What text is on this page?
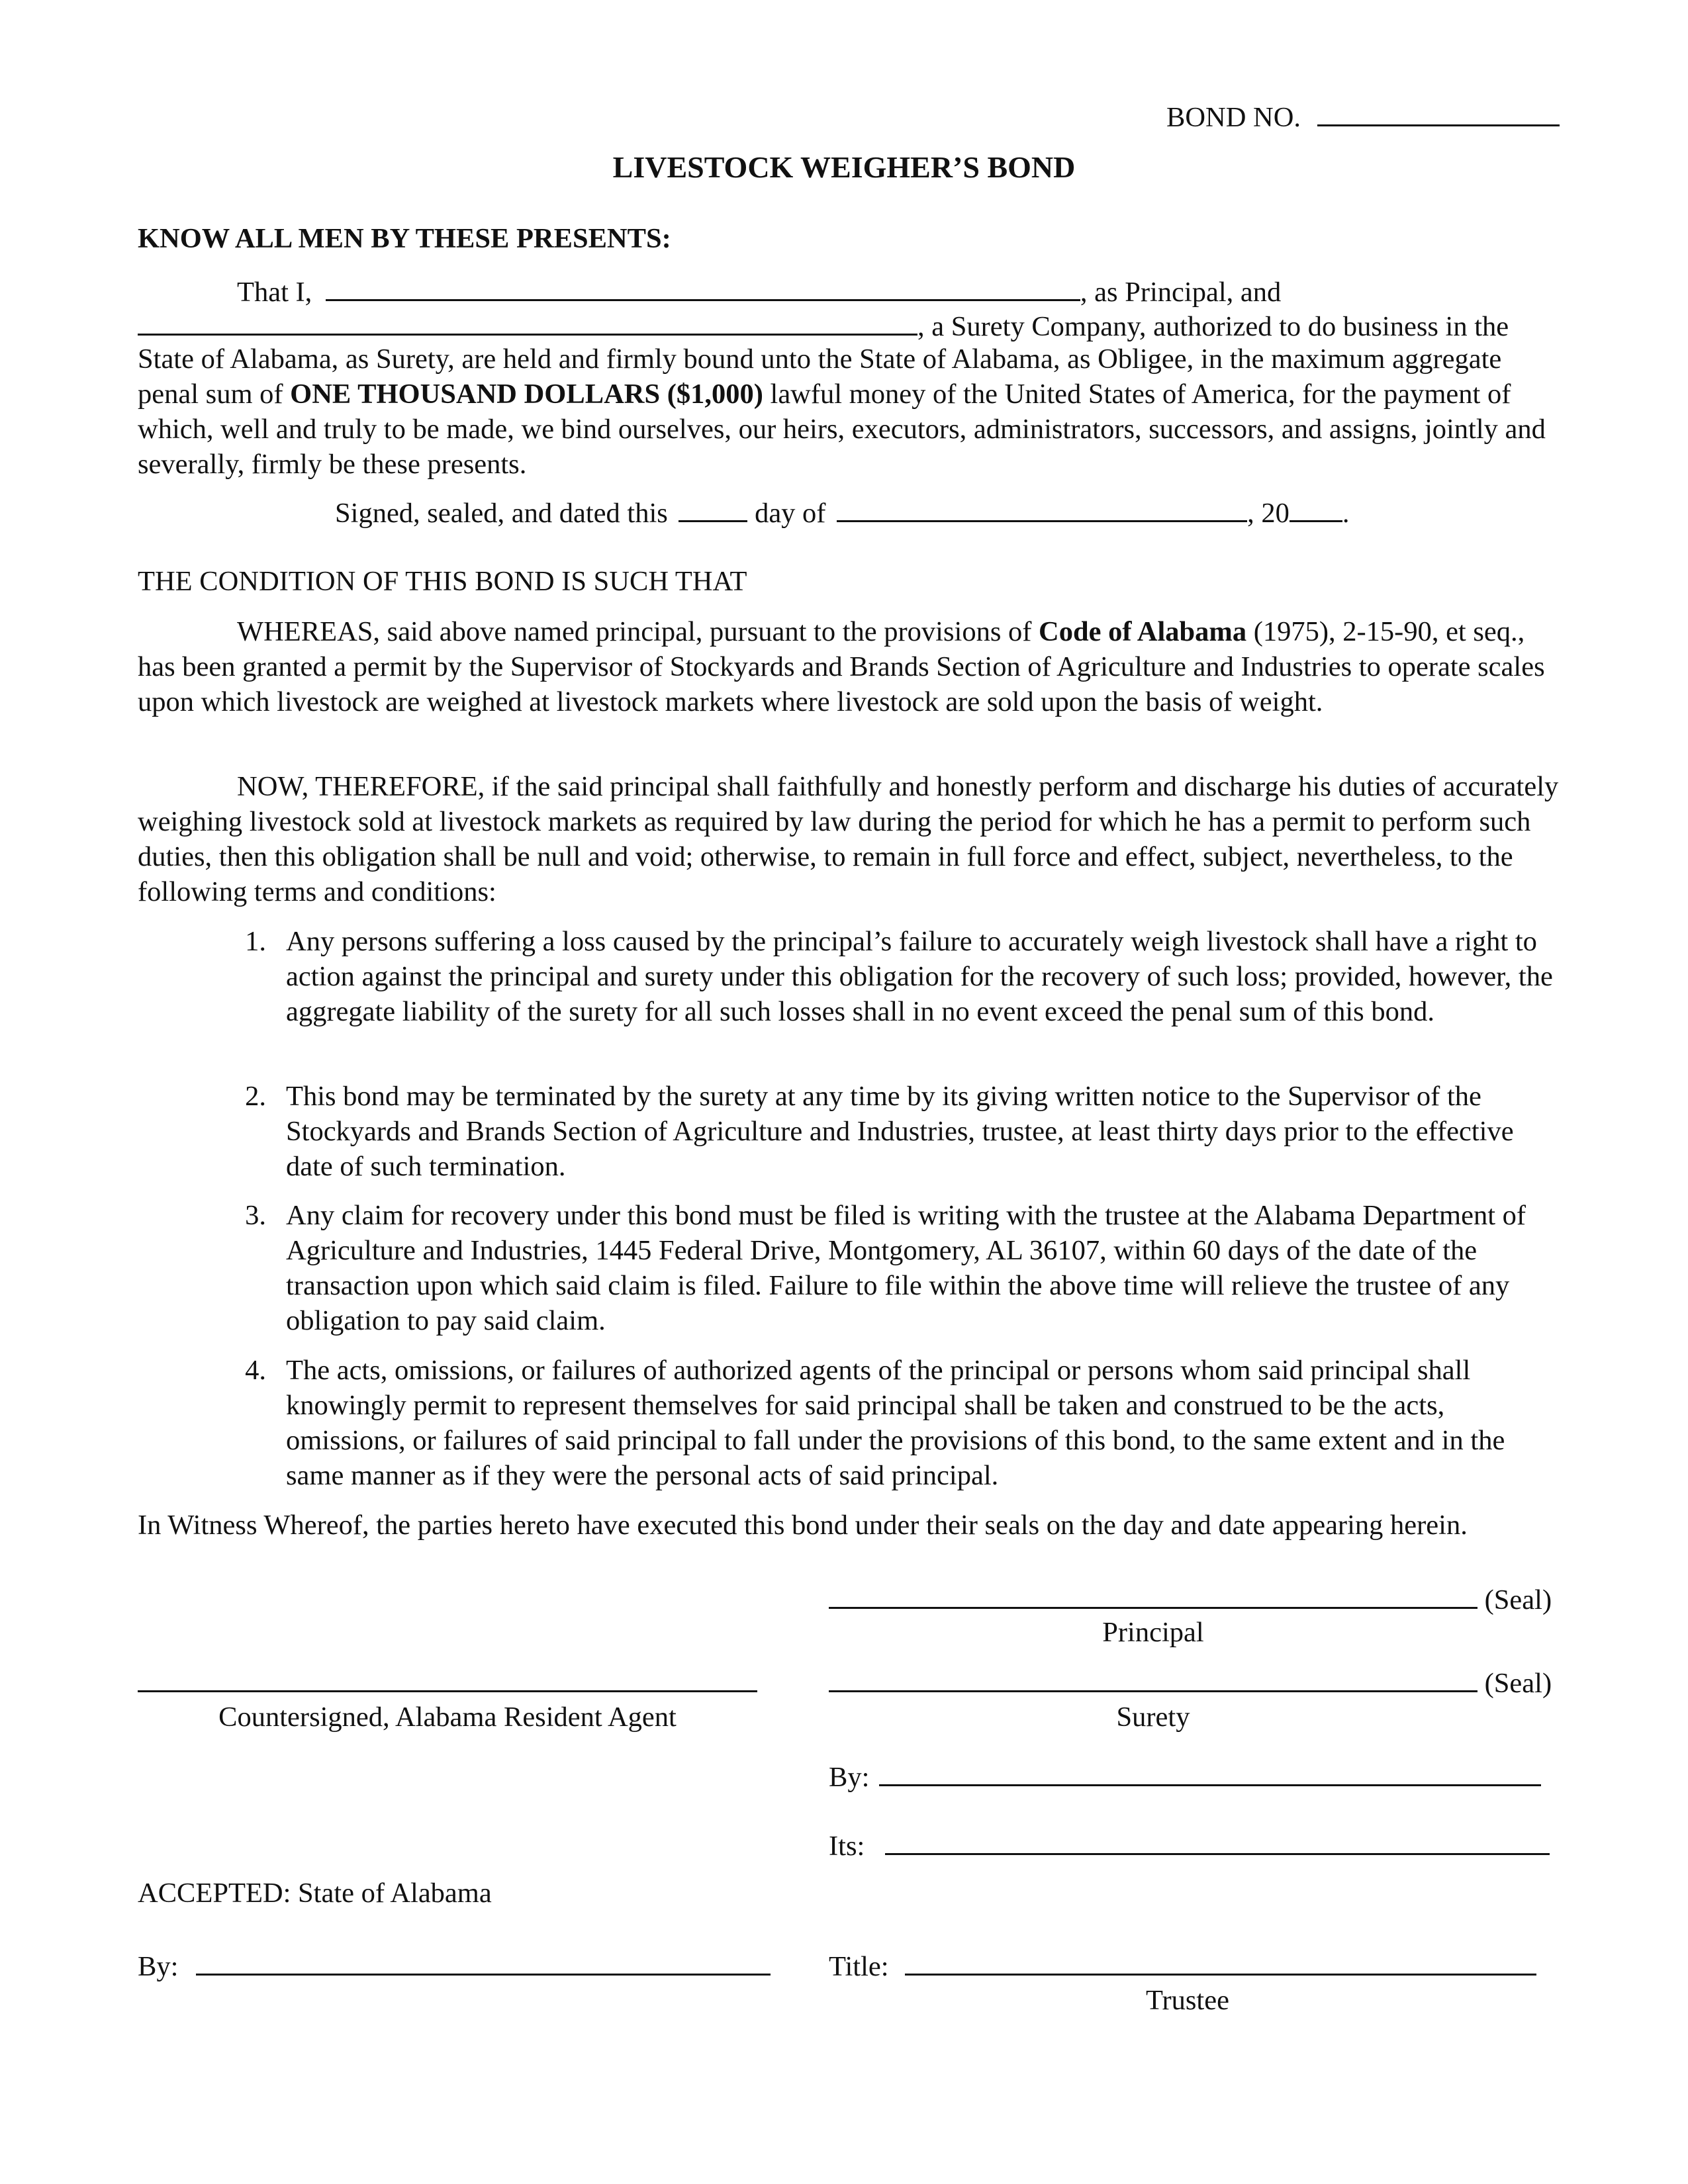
BOND NO.
LIVESTOCK WEIGHER’S BOND
KNOW ALL MEN BY THESE PRESENTS:
That I,	, as Principal, and
, a Surety Company, authorized to do business in the
State of Alabama, as Surety, are held and firmly bound unto the State of Alabama, as Obligee, in the maximum aggregate penal sum of ONE THOUSAND DOLLARS ($1,000) lawful money of the United States of America, for the payment of which, well and truly to be made, we bind ourselves, our heirs, executors, administrators, successors, and assigns, jointly and severally, firmly be these presents.
Signed, sealed, and dated this	day of	, 20 .
THE CONDITION OF THIS BOND IS SUCH THAT
WHEREAS, said above named principal, pursuant to the provisions of Code of Alabama (1975), 2-15-90, et seq., has been granted a permit by the Supervisor of Stockyards and Brands Section of Agriculture and Industries to operate scales upon which livestock are weighed at livestock markets where livestock are sold upon the basis of weight.
NOW, THEREFORE, if the said principal shall faithfully and honestly perform and discharge his duties of accurately weighing livestock sold at livestock markets as required by law during the period for which he has a permit to perform such duties, then this obligation shall be null and void; otherwise, to remain in full force and effect, subject, nevertheless, to the following terms and conditions:
1. Any persons suffering a loss caused by the principal’s failure to accurately weigh livestock shall have a right to action against the principal and surety under this obligation for the recovery of such loss; provided, however, the aggregate liability of the surety for all such losses shall in no event exceed the penal sum of this bond.
2. This bond may be terminated by the surety at any time by its giving written notice to the Supervisor of the Stockyards and Brands Section of Agriculture and Industries, trustee, at least thirty days prior to the effective date of such termination.
3. Any claim for recovery under this bond must be filed is writing with the trustee at the Alabama Department of Agriculture and Industries, 1445 Federal Drive, Montgomery, AL 36107, within 60 days of the date of the transaction upon which said claim is filed. Failure to file within the above time will relieve the trustee of any obligation to pay said claim.
4. The acts, omissions, or failures of authorized agents of the principal or persons whom said principal shall knowingly permit to represent themselves for said principal shall be taken and construed to be the acts, omissions, or failures of said principal to fall under the provisions of this bond, to the same extent and in the same manner as if they were the personal acts of said principal.
In Witness Whereof, the parties hereto have executed this bond under their seals on the day and date appearing herein.
(Seal)
Principal
Countersigned, Alabama Resident Agent
(Seal)
Surety
By:
Its:
ACCEPTED: State of Alabama
By:	Title:
Trustee
